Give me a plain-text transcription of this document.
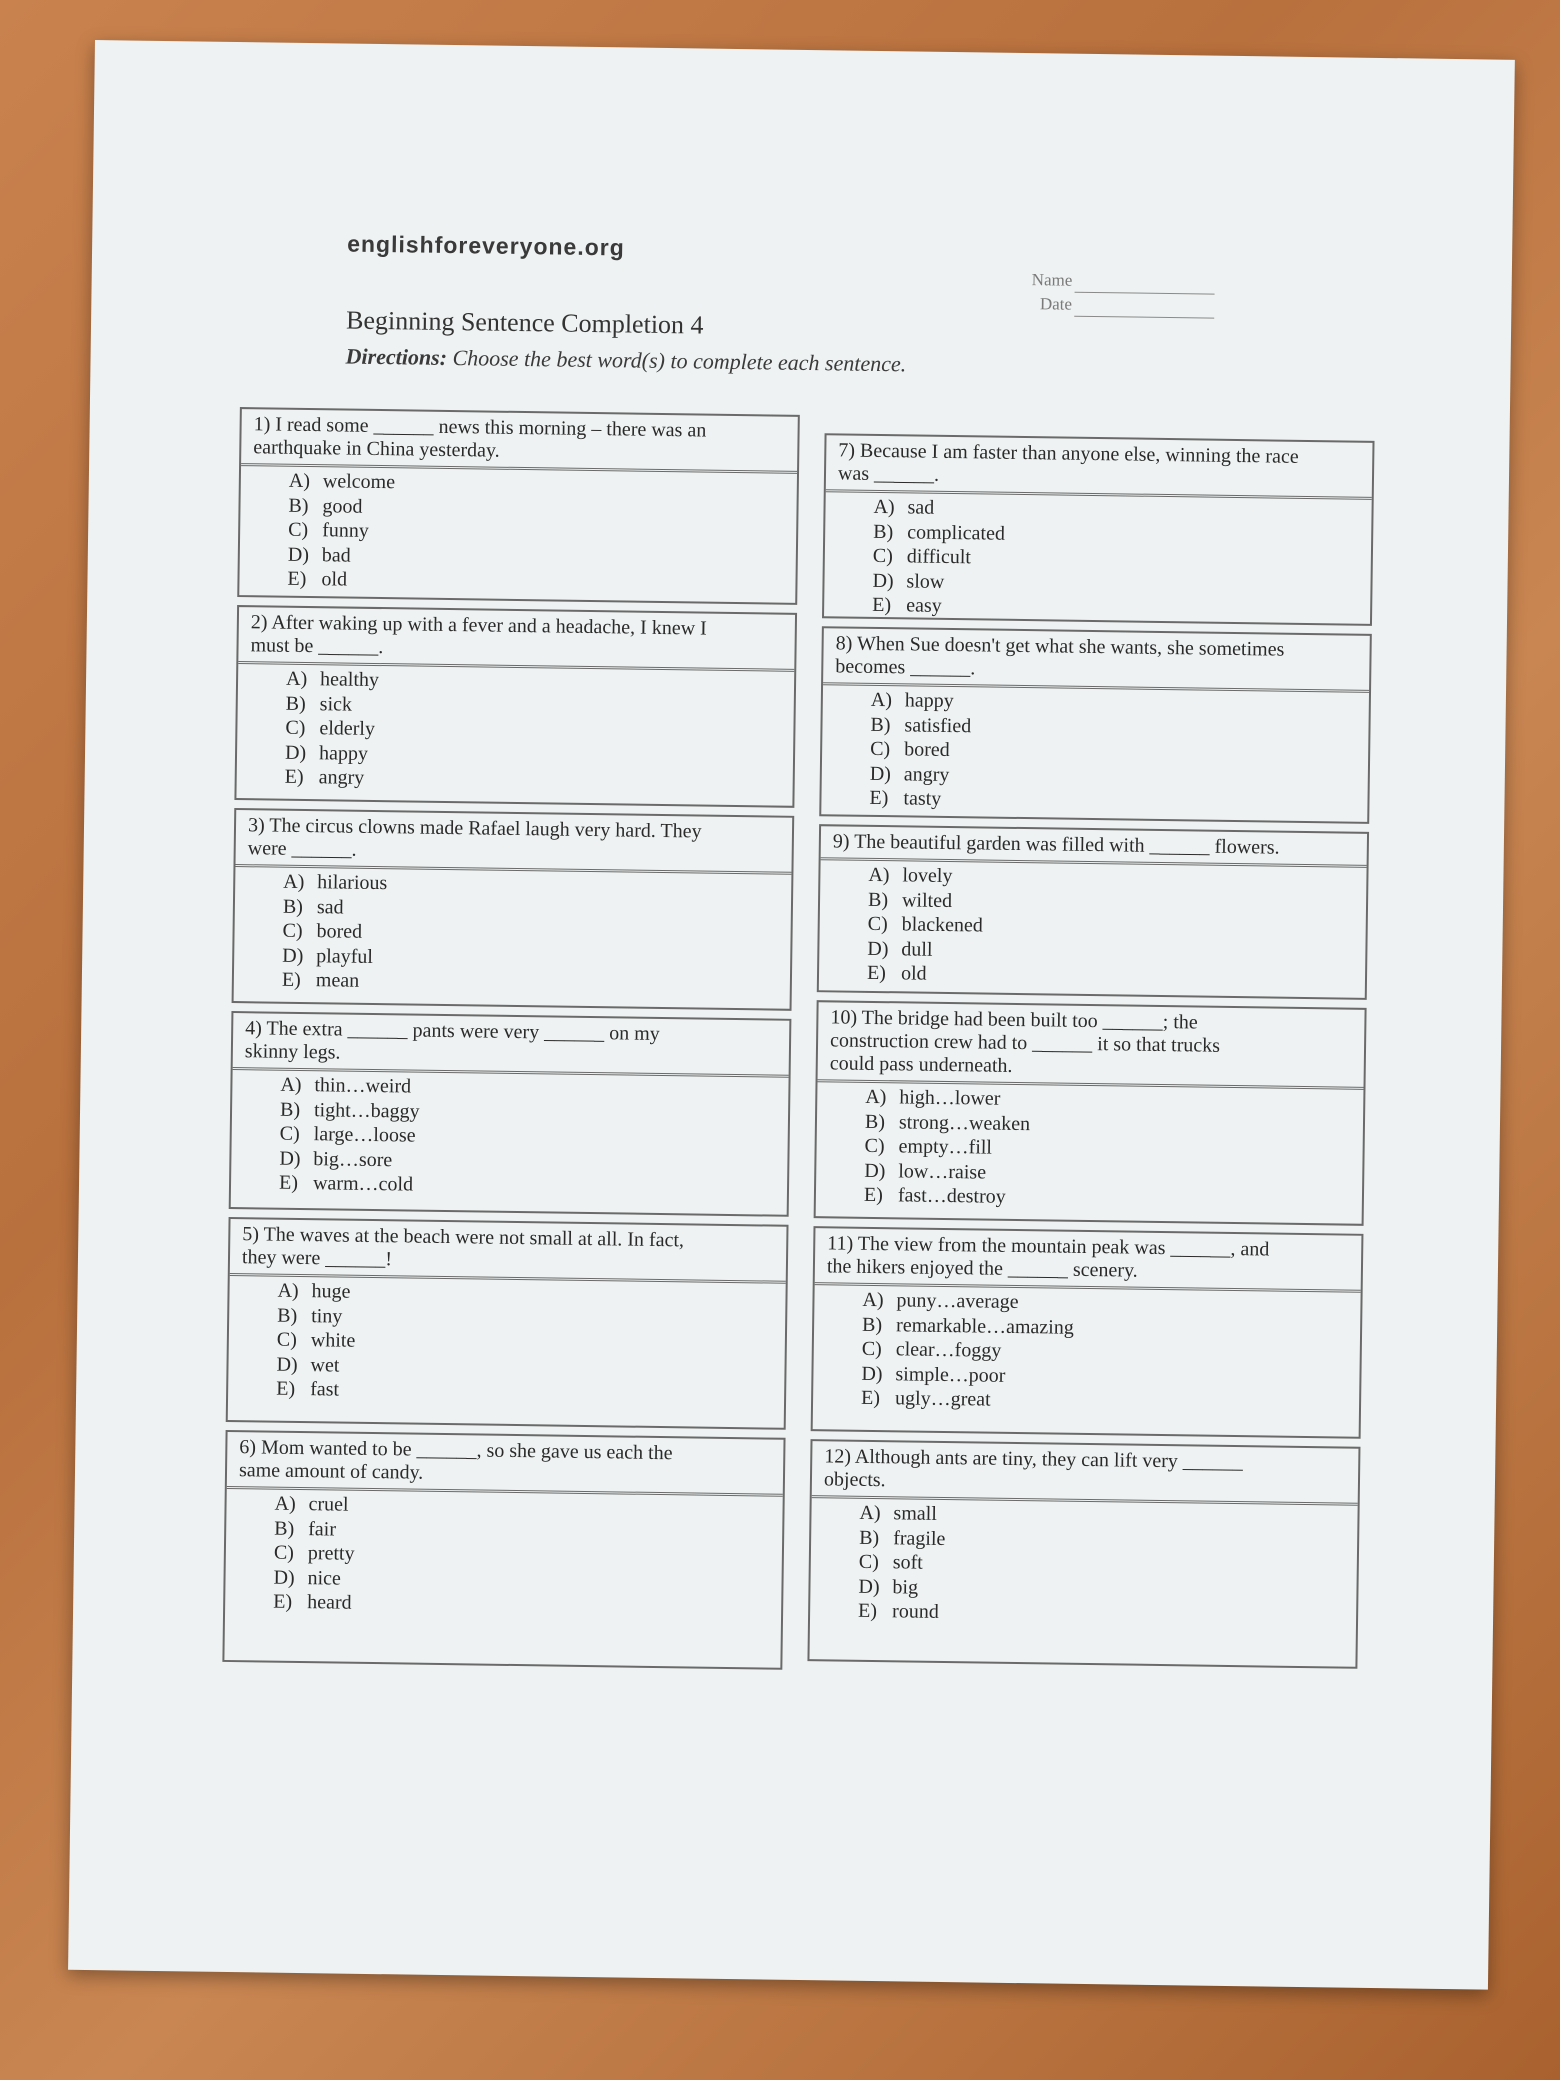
englishforeveryone.org
Name
Date
Beginning Sentence Completion 4
Directions: Choose the best word(s) to complete each sentence.
1) I read some ______ news this morning – there was an
earthquake in China yesterday.
A) welcome
B) good
C) funny
D) bad
E) old
2) After waking up with a fever and a headache, I knew I
must be ______.
A) healthy
B) sick
C) elderly
D) happy
E) angry
3) The circus clowns made Rafael laugh very hard. They
were ______.
A) hilarious
B) sad
C) bored
D) playful
E) mean
4) The extra ______ pants were very ______ on my
skinny legs.
A) thin…weird
B) tight…baggy
C) large…loose
D) big…sore
E) warm…cold
5) The waves at the beach were not small at all. In fact,
they were ______!
A) huge
B) tiny
C) white
D) wet
E) fast
6) Mom wanted to be ______, so she gave us each the
same amount of candy.
A) cruel
B) fair
C) pretty
D) nice
E) heard
7) Because I am faster than anyone else, winning the race
was ______.
A) sad
B) complicated
C) difficult
D) slow
E) easy
8) When Sue doesn't get what she wants, she sometimes
becomes ______.
A) happy
B) satisfied
C) bored
D) angry
E) tasty
9) The beautiful garden was filled with ______ flowers.
A) lovely
B) wilted
C) blackened
D) dull
E) old
10) The bridge had been built too ______; the
construction crew had to ______ it so that trucks
could pass underneath.
A) high…lower
B) strong…weaken
C) empty…fill
D) low…raise
E) fast…destroy
11) The view from the mountain peak was ______, and
the hikers enjoyed the ______ scenery.
A) puny…average
B) remarkable…amazing
C) clear…foggy
D) simple…poor
E) ugly…great
12) Although ants are tiny, they can lift very ______
objects.
A) small
B) fragile
C) soft
D) big
E) round
